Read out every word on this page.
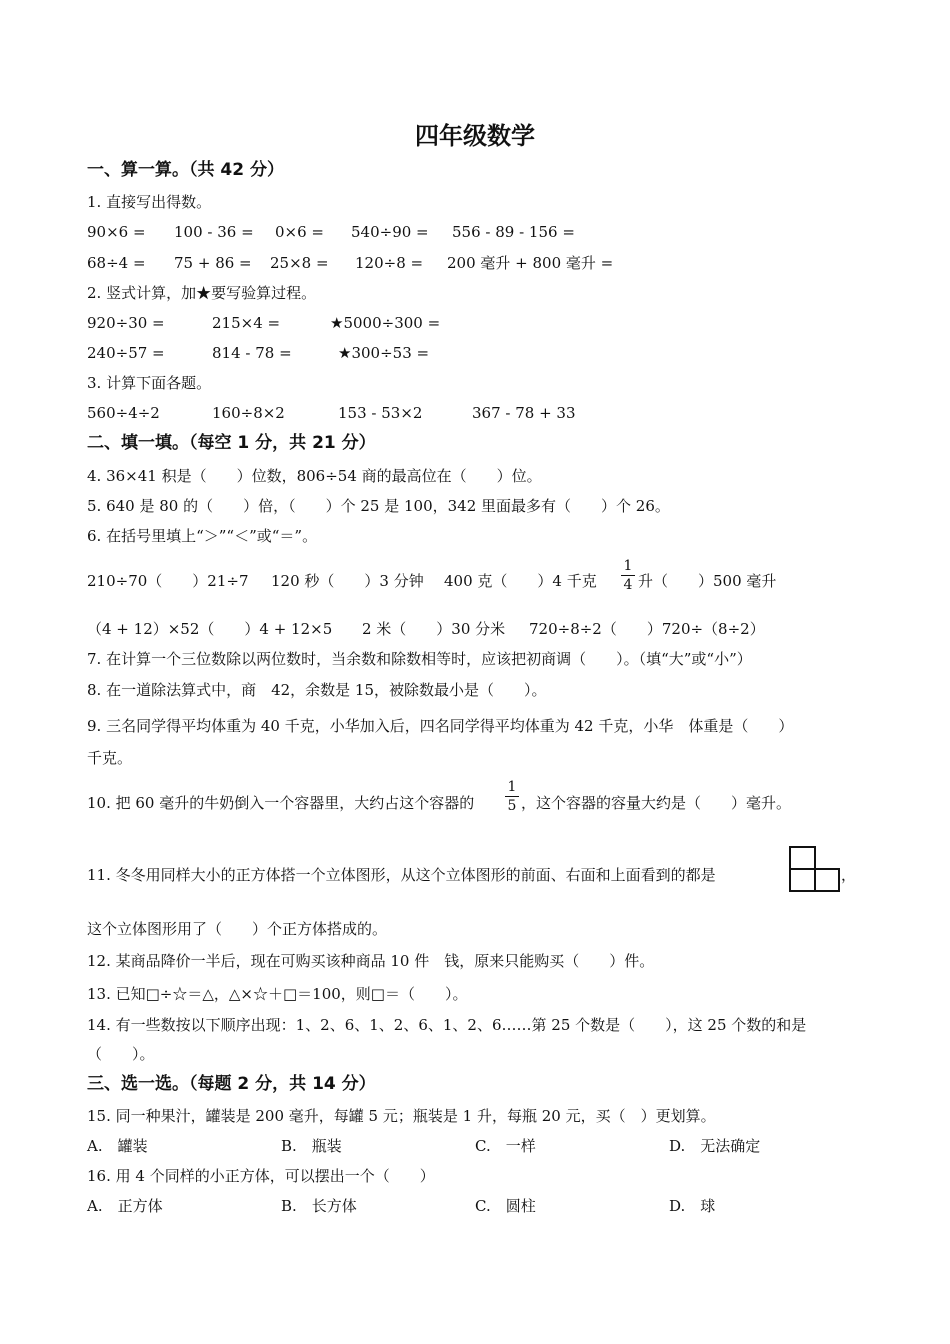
四年级数学
一、算一算。（共 42 分）
1. 直接写出得数。
90×6 = 100 - 36 = 0×6 = 540÷90 = 556 - 89 - 156 =
68÷4 = 75 + 86 = 25×8 = 120÷8 = 200 毫升 + 800 毫升 =
2. 竖式计算，加★要写验算过程。
920÷30 =	215×4 =	★5000÷300 =
240÷57 =	814 - 78 =	★300÷53 =
3. 计算下面各题。
560÷4÷2	160÷8×2	153 - 53×2	367 - 78 + 33
二、填一填。（每空 1 分，共 21 分）
4. 36×41 积是（　　）位数，806÷54 商的最高位在（　　）位。
5. 640 是 80 的（　　）倍，（　　）个 25 是 100，342 里面最多有（　　）个 26。
6. 在括号里填上“＞”“＜”或“＝”。
210÷70（　　）21÷7 120 秒（　　）3 分钟 400 克（　　）4 千克
1
4 升（　　）500 毫升
（4 + 12）×52（　　）4 + 12×5 2 米（　　）30 分米 720÷8÷2（　　）720÷（8÷2）
7. 在计算一个三位数除以两位数时，当余数和除数相等时，应该把初商调（　　）。（填“大”或“小”）
8. 在一道除法算式中，商　42，余数是 15，被除数最小是（　　）。
9. 三名同学得平均体重为 40 千克，小华加入后，四名同学得平均体重为 42 千克，小华　体重是（　　）
千克。
10. 把 60 毫升的牛奶倒入一个容器里，大约占这个容器的
1
5 ，这个容器的容量大约是（　　）毫升。
11. 冬冬用同样大小的正方体搭一个立体图形，从这个立体图形的前面、右面和上面看到的都是	，
这个立体图形用了（　　）个正方体搭成的。
12. 某商品降价一半后，现在可购买该种商品 10 件　钱，原来只能购买（　　）件。
13. 已知□÷☆＝△，△×☆＋□＝100，则□＝（　　）。
14. 有一些数按以下顺序出现：1、2、6、1、2、6、1、2、6……第 25 个数是（　　），这 25 个数的和是
（　　）。
三、选一选。（每题 2 分，共 14 分）
15. 同一种果汁，罐装是 200 毫升，每罐 5 元；瓶装是 1 升，每瓶 20 元，买（　）更划算。
A.　罐装	B.　瓶装	C.　一样	D.　无法确定
16. 用 4 个同样的小正方体，可以摆出一个（　　）
A.　正方体	B.　长方体	C.　圆柱	D.　球
